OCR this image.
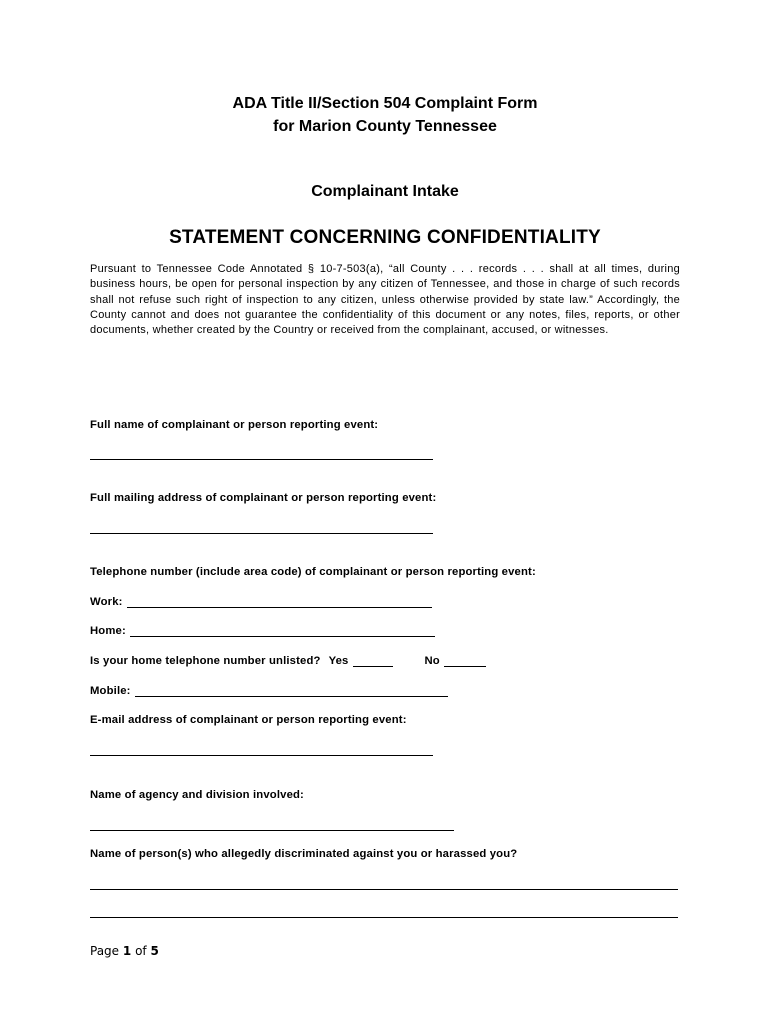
ADA Title II/Section 504 Complaint Form
for Marion County Tennessee
Complainant Intake
STATEMENT CONCERNING CONFIDENTIALITY
Pursuant to Tennessee Code Annotated § 10-7-503(a), “all County . . . records . . . shall at all times, during business hours, be open for personal inspection by any citizen of Tennessee, and those in charge of such records shall not refuse such right of inspection to any citizen, unless otherwise provided by state law.” Accordingly, the County cannot and does not guarantee the confidentiality of this document or any notes, files, reports, or other documents, whether created by the Country or received from the complainant, accused, or witnesses.
Full name of complainant or person reporting event:
Full mailing address of complainant or person reporting event:
Telephone number (include area code) of complainant or person reporting event:
Work:
Home:
Is your home telephone number unlisted? Yes	No
Mobile:
E-mail address of complainant or person reporting event:
Name of agency and division involved:
Name of person(s) who allegedly discriminated against you or harassed you?
Page 1 of 5
